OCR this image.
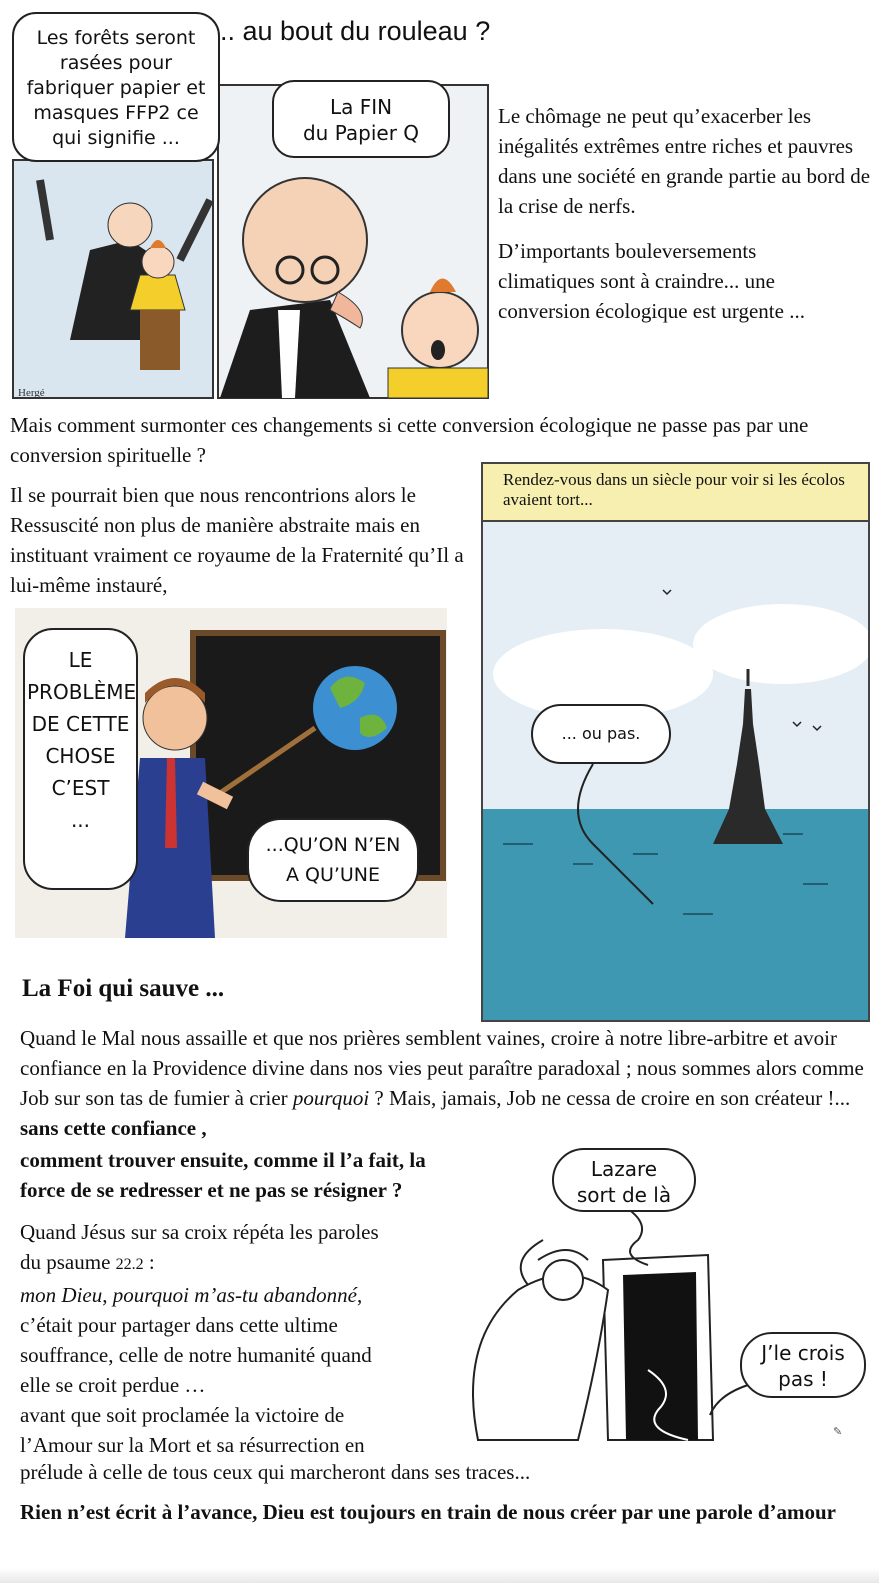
.. au bout du rouleau ?
Hergé
Les forêts seront rasées pour fabriquer papier et masques FFP2 ce qui signifie ...
La FIN
du Papier Q

Le chômage ne peut qu’exacerber les inégalités extrêmes entre riches et pauvres dans une société en grande partie au bord de la crise de nerfs.

D’importants bouleversements climatiques sont à craindre... une conversion écologique est urgente ...

Mais comment surmonter ces changements si cette conversion écologique ne passe pas par une conversion spirituelle ?

Il se pourrait bien que nous rencontrions alors le Ressuscité non plus de manière abstraite mais en instituant vraiment ce royaume de la Fraternité qu’Il a lui-même instauré,

LE
PROBLÈME
DE CETTE
CHOSE
C’EST
...
...QU’ON N’EN
A QU’UNE
Rendez-vous dans un siècle pour voir si les écolos avaient tort...
... ou pas.
La Foi qui sauve ...

Quand le Mal nous assaille et que nos prières semblent vaines, croire à notre libre-arbitre et avoir confiance en la Providence divine dans nos vies peut paraître paradoxal ; nous sommes alors comme Job sur son tas de fumier à crier pourquoi ? Mais, jamais, Job ne cessa de croire en son créateur !... sans cette confiance ,

comment trouver ensuite, comme il l’a fait, la
force de se redresser et ne pas se résigner ?

Quand Jésus sur sa croix répéta les paroles
du psaume 22.2 :
mon Dieu, pourquoi m’as-tu abandonné,
c’était pour partager dans cette ultime
souffrance, celle de notre humanité quand
elle se croit perdue …
avant que soit proclamée la victoire de
l’Amour sur la Mort et sa résurrection en

prélude à celle de tous ceux qui marcheront dans ses traces...

✎
Lazare
sort de là
J’le crois
pas !

Rien n’est écrit à l’avance, Dieu est toujours en train de nous créer par une parole d’amour
